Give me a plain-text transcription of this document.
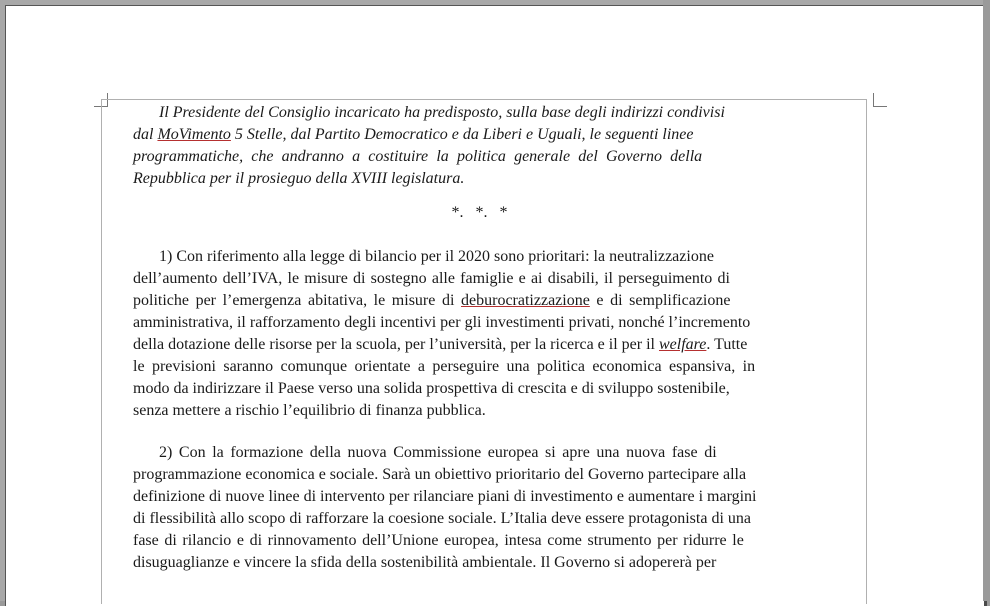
Il Presidente del Consiglio incaricato ha predisposto, sulla base degli indirizzi condivisi
dal MoVimento 5 Stelle, dal Partito Democratico e da Liberi e Uguali, le seguenti linee
programmatiche, che andranno a costituire la politica generale del Governo della
Repubblica per il prosieguo della XVIII legislatura.
*.   *.   *
1) Con riferimento alla legge di bilancio per il 2020 sono prioritari: la neutralizzazione
dell’aumento dell’IVA, le misure di sostegno alle famiglie e ai disabili, il perseguimento di
politiche per l’emergenza abitativa, le misure di deburocratizzazione e di semplificazione
amministrativa, il rafforzamento degli incentivi per gli investimenti privati, nonché l’incremento
della dotazione delle risorse per la scuola, per l’università, per la ricerca e il per il welfare . Tutte
le previsioni saranno comunque orientate a perseguire una politica economica espansiva, in
modo da indirizzare il Paese verso una solida prospettiva di crescita e di sviluppo sostenibile,
senza mettere a rischio l’equilibrio di finanza pubblica.
2) Con la formazione della nuova Commissione europea si apre una nuova fase di
programmazione economica e sociale. Sarà un obiettivo prioritario del Governo partecipare alla
definizione di nuove linee di intervento per rilanciare piani di investimento e aumentare i margini
di flessibilità allo scopo di rafforzare la coesione sociale. L’Italia deve essere protagonista di una
fase di rilancio e di rinnovamento dell’Unione europea, intesa come strumento per ridurre le
disuguaglianze e vincere la sfida della sostenibilità ambientale. Il Governo si adopererà per
